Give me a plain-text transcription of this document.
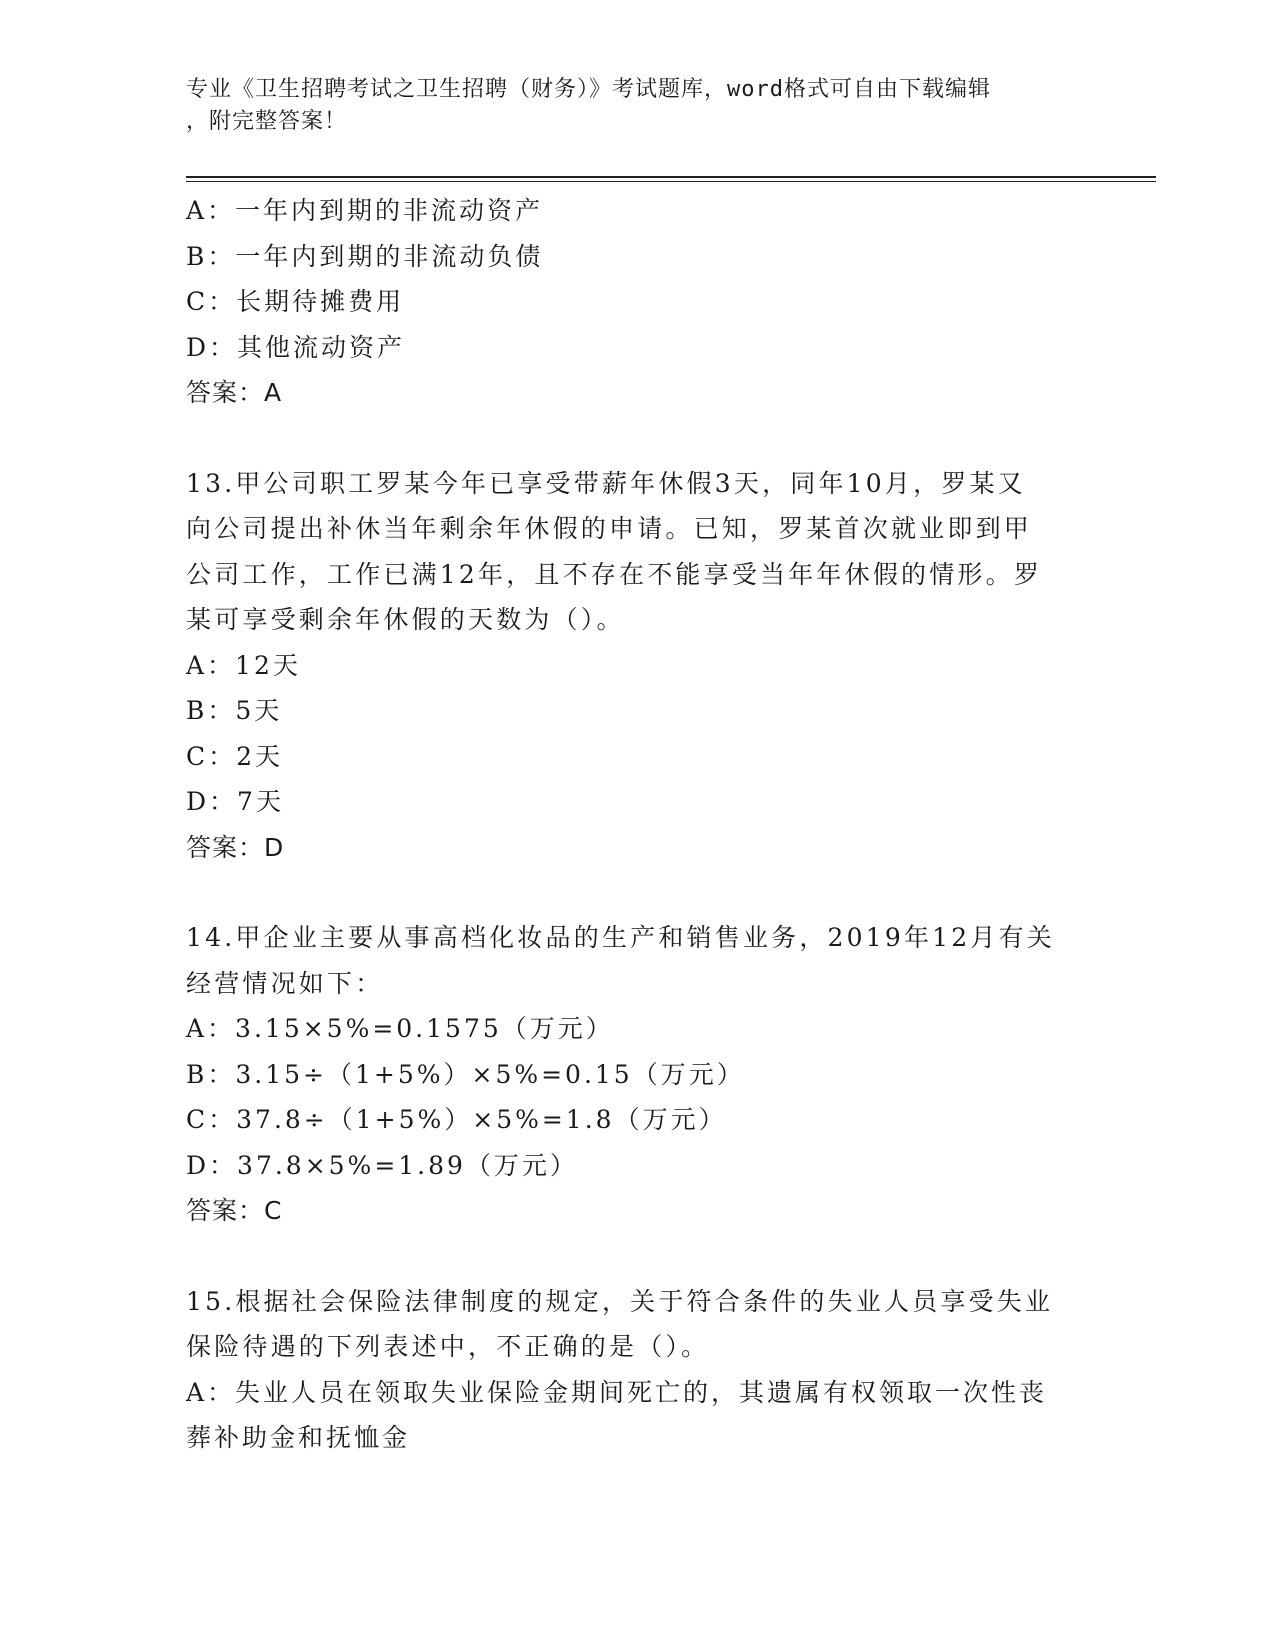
专业《卫生招聘考试之卫生招聘（财务）》考试题库，word格式可自由下载编辑
，附完整答案！
A：一年内到期的非流动资产
B：一年内到期的非流动负债
C：长期待摊费用
D：其他流动资产
答案：A
13.甲公司职工罗某今年已享受带薪年休假3天，同年10月，罗某又
向公司提出补休当年剩余年休假的申请。已知，罗某首次就业即到甲
公司工作，工作已满12年，且不存在不能享受当年年休假的情形。罗
某可享受剩余年休假的天数为（）。
A：12天
B：5天
C：2天
D：7天
答案：D
14.甲企业主要从事高档化妆品的生产和销售业务，2019年12月有关
经营情况如下：
A：3.15×5%=0.1575（万元）
B：3.15÷（1+5%）×5%=0.15（万元）
C：37.8÷（1+5%）×5%=1.8（万元）
D：37.8×5%=1.89（万元）
答案：C
15.根据社会保险法律制度的规定，关于符合条件的失业人员享受失业
保险待遇的下列表述中，不正确的是（）。
A：失业人员在领取失业保险金期间死亡的，其遗属有权领取一次性丧
葬补助金和抚恤金
